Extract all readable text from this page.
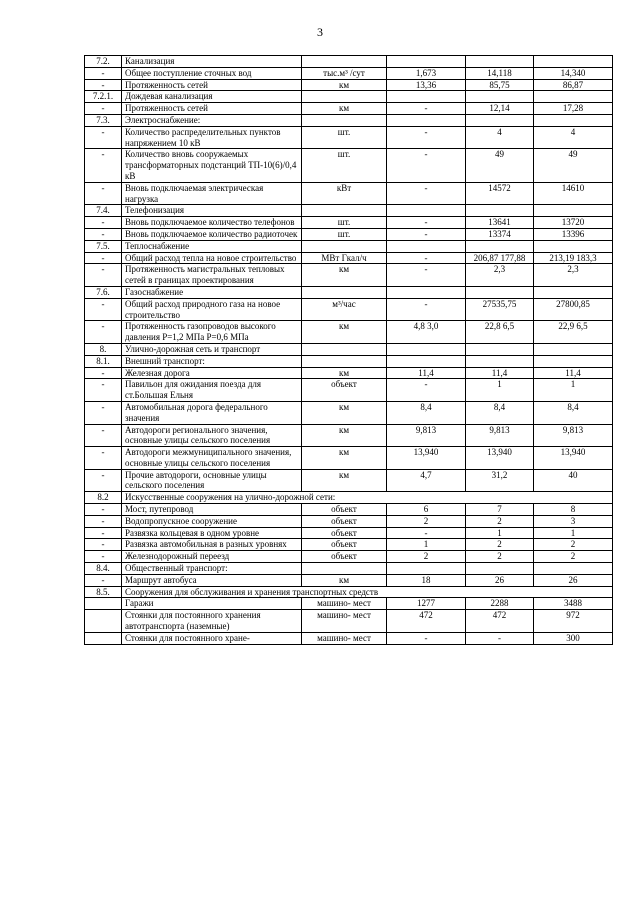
3
7.2.	Канализация				
-	Общее поступление сточных вод	тыс.м³ /сут	1,673	14,118	14,340
-	Протяженность сетей	км	13,36	85,75	86,87
7.2.1.	Дождевая канализация				
-	Протяженность сетей	км	-	12,14	17,28
7.3.	Электроснабжение:				
-	Количество распределительных пунктов напряжением 10 кВ	шт.	-	4	4
-	Количество вновь сооружаемых трансформаторных подстанций ТП-10(6)/0,4 кВ	шт.	-	49	49
-	Вновь подключаемая электрическая нагрузка	кВт	-	14572	14610
7.4.	Телефонизация				
-	Вновь подключаемое количество телефонов	шт.	-	13641	13720
-	Вновь подключаемое количество радиоточек	шт.	-	13374	13396
7.5.	Теплоснабжение				
-	Общий расход тепла на новое строительство	МВт Гкал/ч	-	206,87 177,88	213,19 183,3
-	Протяженность магистральных тепловых сетей в границах проектирования	км	-	2,3	2,3
7.6.	Газоснабжение				
-	Общий расход природного газа на новое строительство	м³/час	-	27535,75	27800,85
-	Протяженность газопроводов высокого давления Р=1,2 МПа Р=0,6 МПа	км	4,8 3,0	22,8 6,5	22,9 6,5
8.	Улично-дорожная сеть и транспорт				
8.1.	Внешний транспорт:				
-	Железная дорога	км	11,4	11,4	11,4
-	Павильон для ожидания поезда для ст.Большая Ельня	объект	-	1	1
-	Автомобильная дорога федерального значения	км	8,4	8,4	8,4
-	Автодороги регионального значения, основные улицы сельского поселения	км	9,813	9,813	9,813
-	Автодороги межмуниципального значения, основные улицы сельского поселения	км	13,940	13,940	13,940
-	Прочие автодороги, основные улицы сельского поселения	км	4,7	31,2	40
8.2	Искусственные сооружения на улично-дорожной сети:				
-	Мост, путепровод	объект	6	7	8
-	Водопропускное сооружение	объект	2	2	3
-	Развязка кольцевая в одном уровне	объект	-	1	1
-	Развязка автомобильная в разных уровнях	объект	1	2	2
-	Железнодорожный переезд	объект	2	2	2
8.4.	Общественный транспорт:				
-	Маршрут автобуса	км	18	26	26
8.5.	Сооружения для обслуживания и хранения транспортных средств				
	Гаражи	машино- мест	1277	2288	3488
	Стоянки для постоянного хранения автотранспорта (наземные)	машино- мест	472	472	972
	Стоянки для постоянного хране-	машино- мест	-	-	300
